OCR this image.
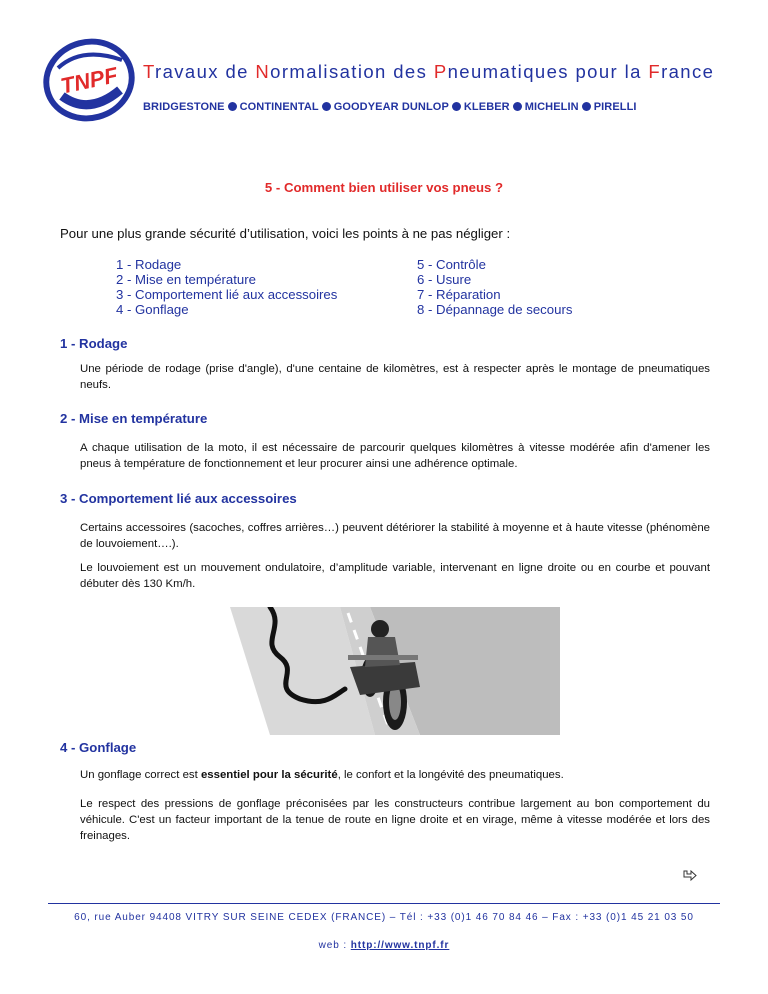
TNPF Travaux de Normalisation des Pneumatiques pour la France
BRIDGESTONE CONTINENTAL GOODYEAR DUNLOP KLEBER MICHELIN PIRELLI
5 - Comment bien utiliser vos pneus ?
Pour une plus grande sécurité d’utilisation, voici les points à ne pas négliger :
1 - Rodage
2 - Mise en température
3 - Comportement lié aux accessoires
4 - Gonflage
5 - Contrôle
6 - Usure
7 - Réparation
8 - Dépannage de secours
1 - Rodage
Une période de rodage (prise d'angle), d'une centaine de kilomètres, est à respecter après le montage de pneumatiques neufs.
2 - Mise en température
A chaque utilisation de la moto, il est nécessaire de parcourir quelques kilomètres à vitesse modérée afin d'amener les pneus à température de fonctionnement et leur procurer ainsi une adhérence optimale.
3 - Comportement lié aux accessoires
Certains accessoires (sacoches, coffres arrières…) peuvent détériorer la stabilité à moyenne et à haute vitesse (phénomène de louvoiement….).
Le louvoiement est un mouvement ondulatoire, d’amplitude variable, intervenant en ligne droite ou en courbe et pouvant débuter dès 130 Km/h.
4 - Gonflage
Un gonflage correct est essentiel pour la sécurité, le confort et la longévité des pneumatiques.
Le respect des pressions de gonflage préconisées par les constructeurs contribue largement au bon comportement du véhicule. C'est un facteur important de la tenue de route en ligne droite et en virage, même à vitesse modérée et lors des freinages.
60, rue Auber 94408 VITRY SUR SEINE CEDEX (FRANCE) – Tél : +33 (0)1 46 70 84 46 – Fax : +33 (0)1 45 21 03 50
web : http://www.tnpf.fr
